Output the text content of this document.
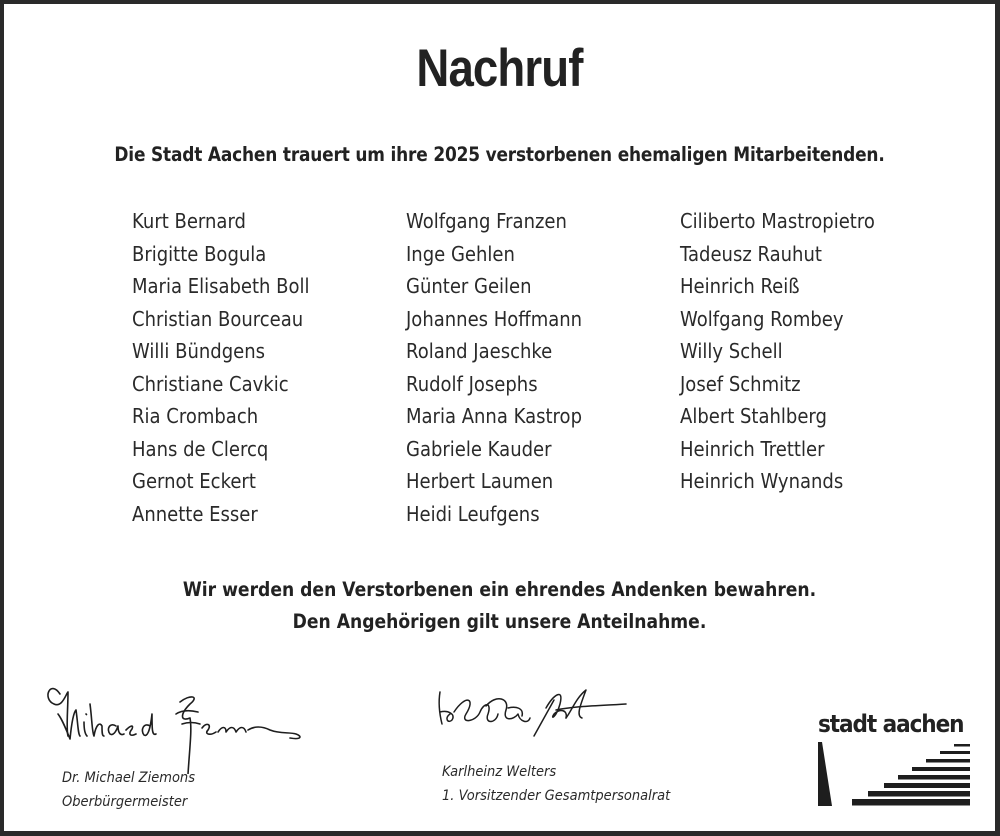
Nachruf
Die Stadt Aachen trauert um ihre 2025 verstorbenen ehemaligen Mitarbeitenden.
Kurt Bernard
Brigitte Bogula
Maria Elisabeth Boll
Christian Bourceau
Willi Bündgens
Christiane Cavkic
Ria Crombach
Hans de Clercq
Gernot Eckert
Annette Esser
Wolfgang Franzen
Inge Gehlen
Günter Geilen
Johannes Hoffmann
Roland Jaeschke
Rudolf Josephs
Maria Anna Kastrop
Gabriele Kauder
Herbert Laumen
Heidi Leufgens
Ciliberto Mastropietro
Tadeusz Rauhut
Heinrich Reiß
Wolfgang Rombey
Willy Schell
Josef Schmitz
Albert Stahlberg
Heinrich Trettler
Heinrich Wynands
Wir werden den Verstorbenen ein ehrendes Andenken bewahren.
Den Angehörigen gilt unsere Anteilnahme.
Dr. Michael Ziemons
Oberbürgermeister
Karlheinz Welters
1. Vorsitzender Gesamtpersonalrat
stadt aachen
